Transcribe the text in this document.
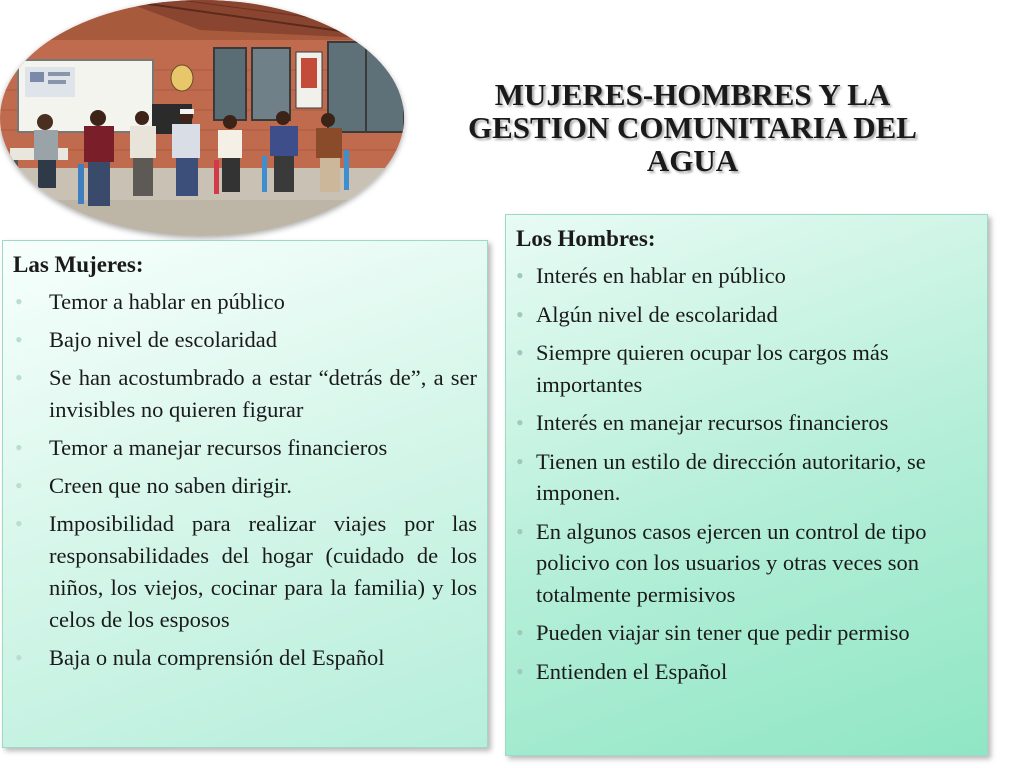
MUJERES-HOMBRES Y LA
GESTION COMUNITARIA DEL
AGUA
Las Mujeres:
• Temor a hablar en público
• Bajo nivel de escolaridad
• Se han acostumbrado a estar “detrás de”, a ser invisibles no quieren figurar
• Temor a manejar recursos financieros
• Creen que no saben dirigir.
• Imposibilidad para realizar viajes por las responsabilidades del hogar (cuidado de los niños, los viejos, cocinar para la familia) y los celos de los esposos
• Baja o nula comprensión del Español
Los Hombres:
• Interés en hablar en público
• Algún nivel de escolaridad
• Siempre quieren ocupar los cargos más importantes
• Interés en manejar recursos financieros
• Tienen un estilo de dirección autoritario, se imponen.
• En algunos casos ejercen un control de tipo policivo con los usuarios y otras veces son totalmente permisivos
• Pueden viajar sin tener que pedir permiso
• Entienden el Español
